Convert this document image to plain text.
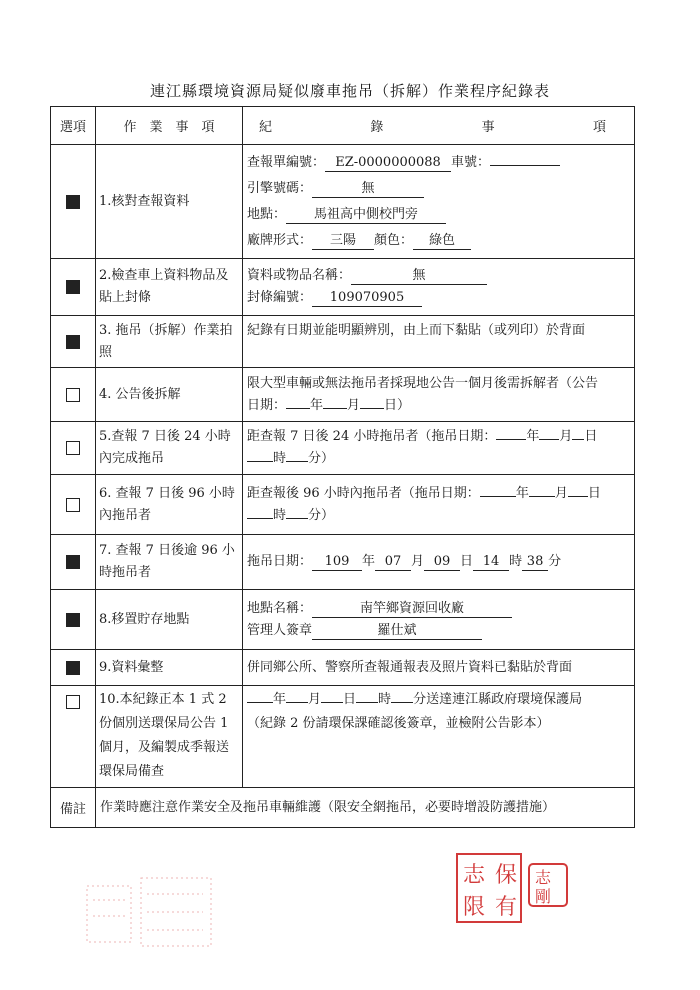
連江縣環境資源局疑似廢車拖吊（拆解）作業程序紀錄表
選項	作　業　事　項	紀 錄 事 項

	1.核對查報資料	查報單編號： EZ-0000000088 車號：
引擎號碼： 無
地點： 馬祖高中側校門旁
廠牌形式： 三陽 顏色： 綠色

	2.檢查車上資料物品及貼上封條	資料或物品名稱： 無
封條編號： 109070905

	3. 拖吊（拆解）作業拍照	紀錄有日期並能明顯辨別，由上而下黏貼（或列印）於背面
	4. 公告後拆解	限大型車輛或無法拖吊者採現地公告一個月後需拆解者（公告
日期： 年 月 日）

	5.查報 7 日後 24 小時內完成拖吊	距查報 7 日後 24 小時拖吊者（拖吊日期： 年 月 日
時 分）

	6. 查報 7 日後 96 小時內拖吊者	距查報後 96 小時內拖吊者（拖吊日期： 年 月 日
時 分）

	7. 查報 7 日後逾 96 小時拖吊者	拖吊日期： 109 年 07 月 09 日 14 時 38 分
	8.移置貯存地點	地點名稱： 南竿鄉資源回收廠
管理人簽章 羅仕斌

	9.資料彙整	併同鄉公所、警察所查報通報表及照片資料已黏貼於背面
	10.本紀錄正本 1 式 2 份個別送環保局公告 1 個月，及編製成季報送環保局備查	年 月 日 時 分送達連江縣政府環境保護局
（紀錄 2 份請環保課確認後簽章，並檢附公告影本）

備註	作業時應注意作業安全及拖吊車輛維護（限安全網拖吊，必要時增設防護措施）	
保
志
有
限
志
剛
